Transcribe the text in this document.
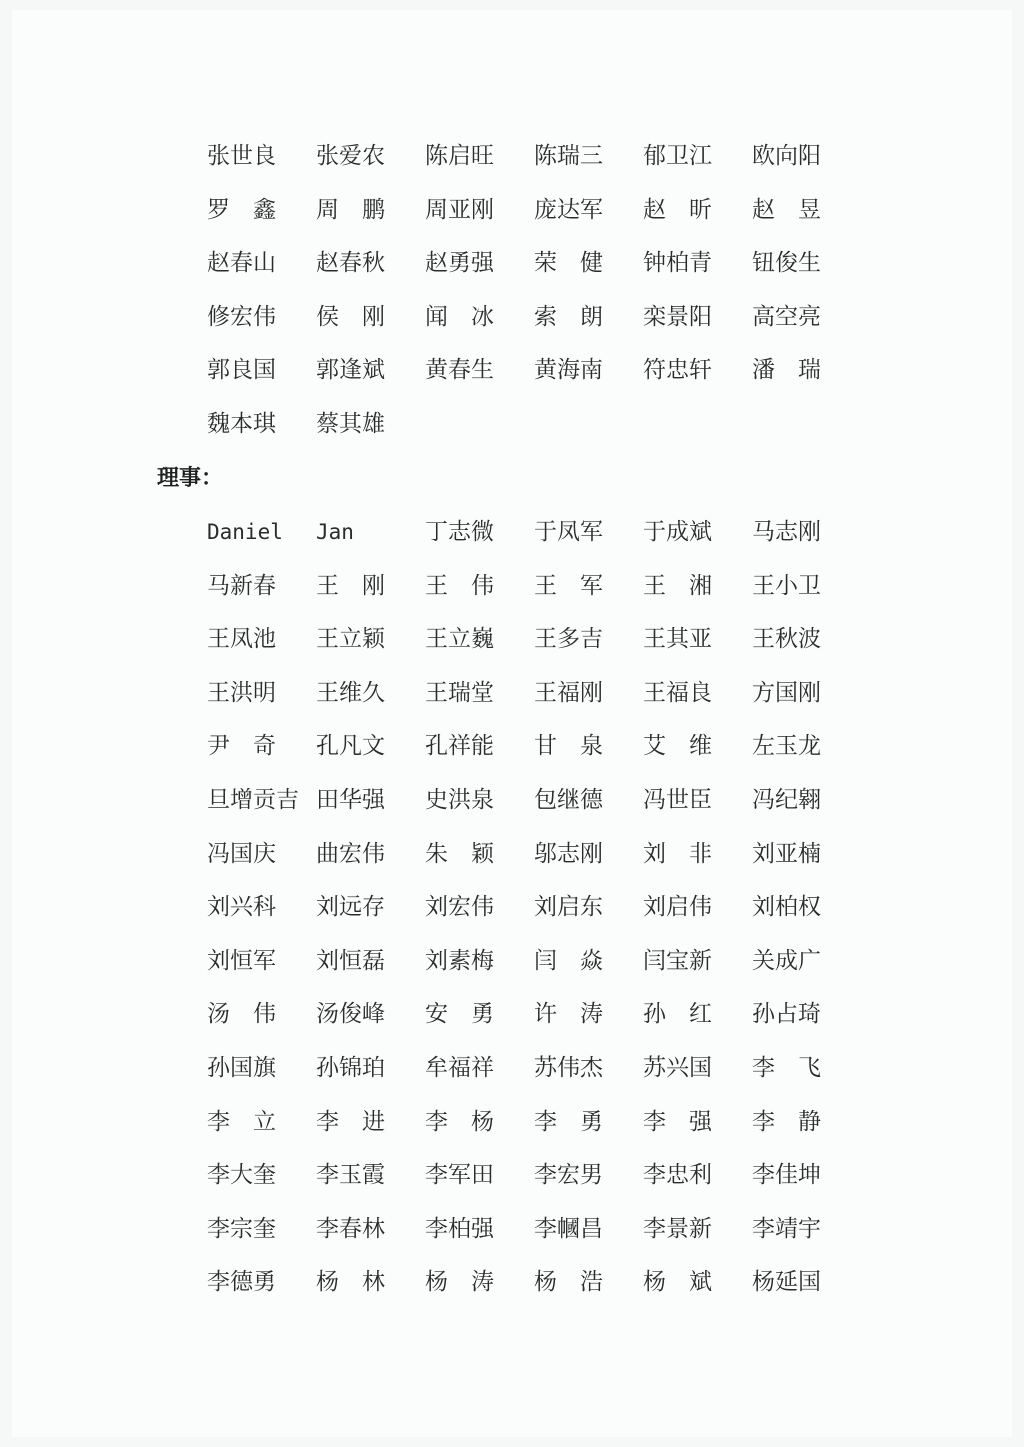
张世良	张爱农	陈启旺	陈瑞三	郁卫江	欧向阳
罗　鑫	周　鹏	周亚刚	庞达军	赵　昕	赵　昱
赵春山	赵春秋	赵勇强	荣　健	钟柏青	钮俊生
修宏伟	侯　刚	闻　冰	索　朗	栾景阳	高空亮
郭良国	郭逢斌	黄春生	黄海南	符忠轩	潘　瑞
魏本琪	蔡其雄
理事：
Daniel	Jan	丁志微	于凤军	于成斌	马志刚
马新春	王　刚	王　伟	王　军	王　湘	王小卫
王凤池	王立颖	王立巍	王多吉	王其亚	王秋波
王洪明	王维久	王瑞堂	王福刚	王福良	方国刚
尹　奇	孔凡文	孔祥能	甘　泉	艾　维	左玉龙
旦增贡吉 田华强	史洪泉	包继德	冯世臣	冯纪翱
冯国庆	曲宏伟	朱　颖	邬志刚	刘　非	刘亚楠
刘兴科	刘远存	刘宏伟	刘启东	刘启伟	刘柏权
刘恒军	刘恒磊	刘素梅	闫　焱	闫宝新	关成广
汤　伟	汤俊峰	安　勇	许　涛	孙　红	孙占琦
孙国旗	孙锦珀	牟福祥	苏伟杰	苏兴国	李　飞
李　立	李　进	李　杨	李　勇	李　强	李　静
李大奎	李玉霞	李军田	李宏男	李忠利	李佳坤
李宗奎	李春林	李柏强	李幗昌	李景新	李靖宇
李德勇	杨　林	杨　涛	杨　浩	杨　斌	杨延国
